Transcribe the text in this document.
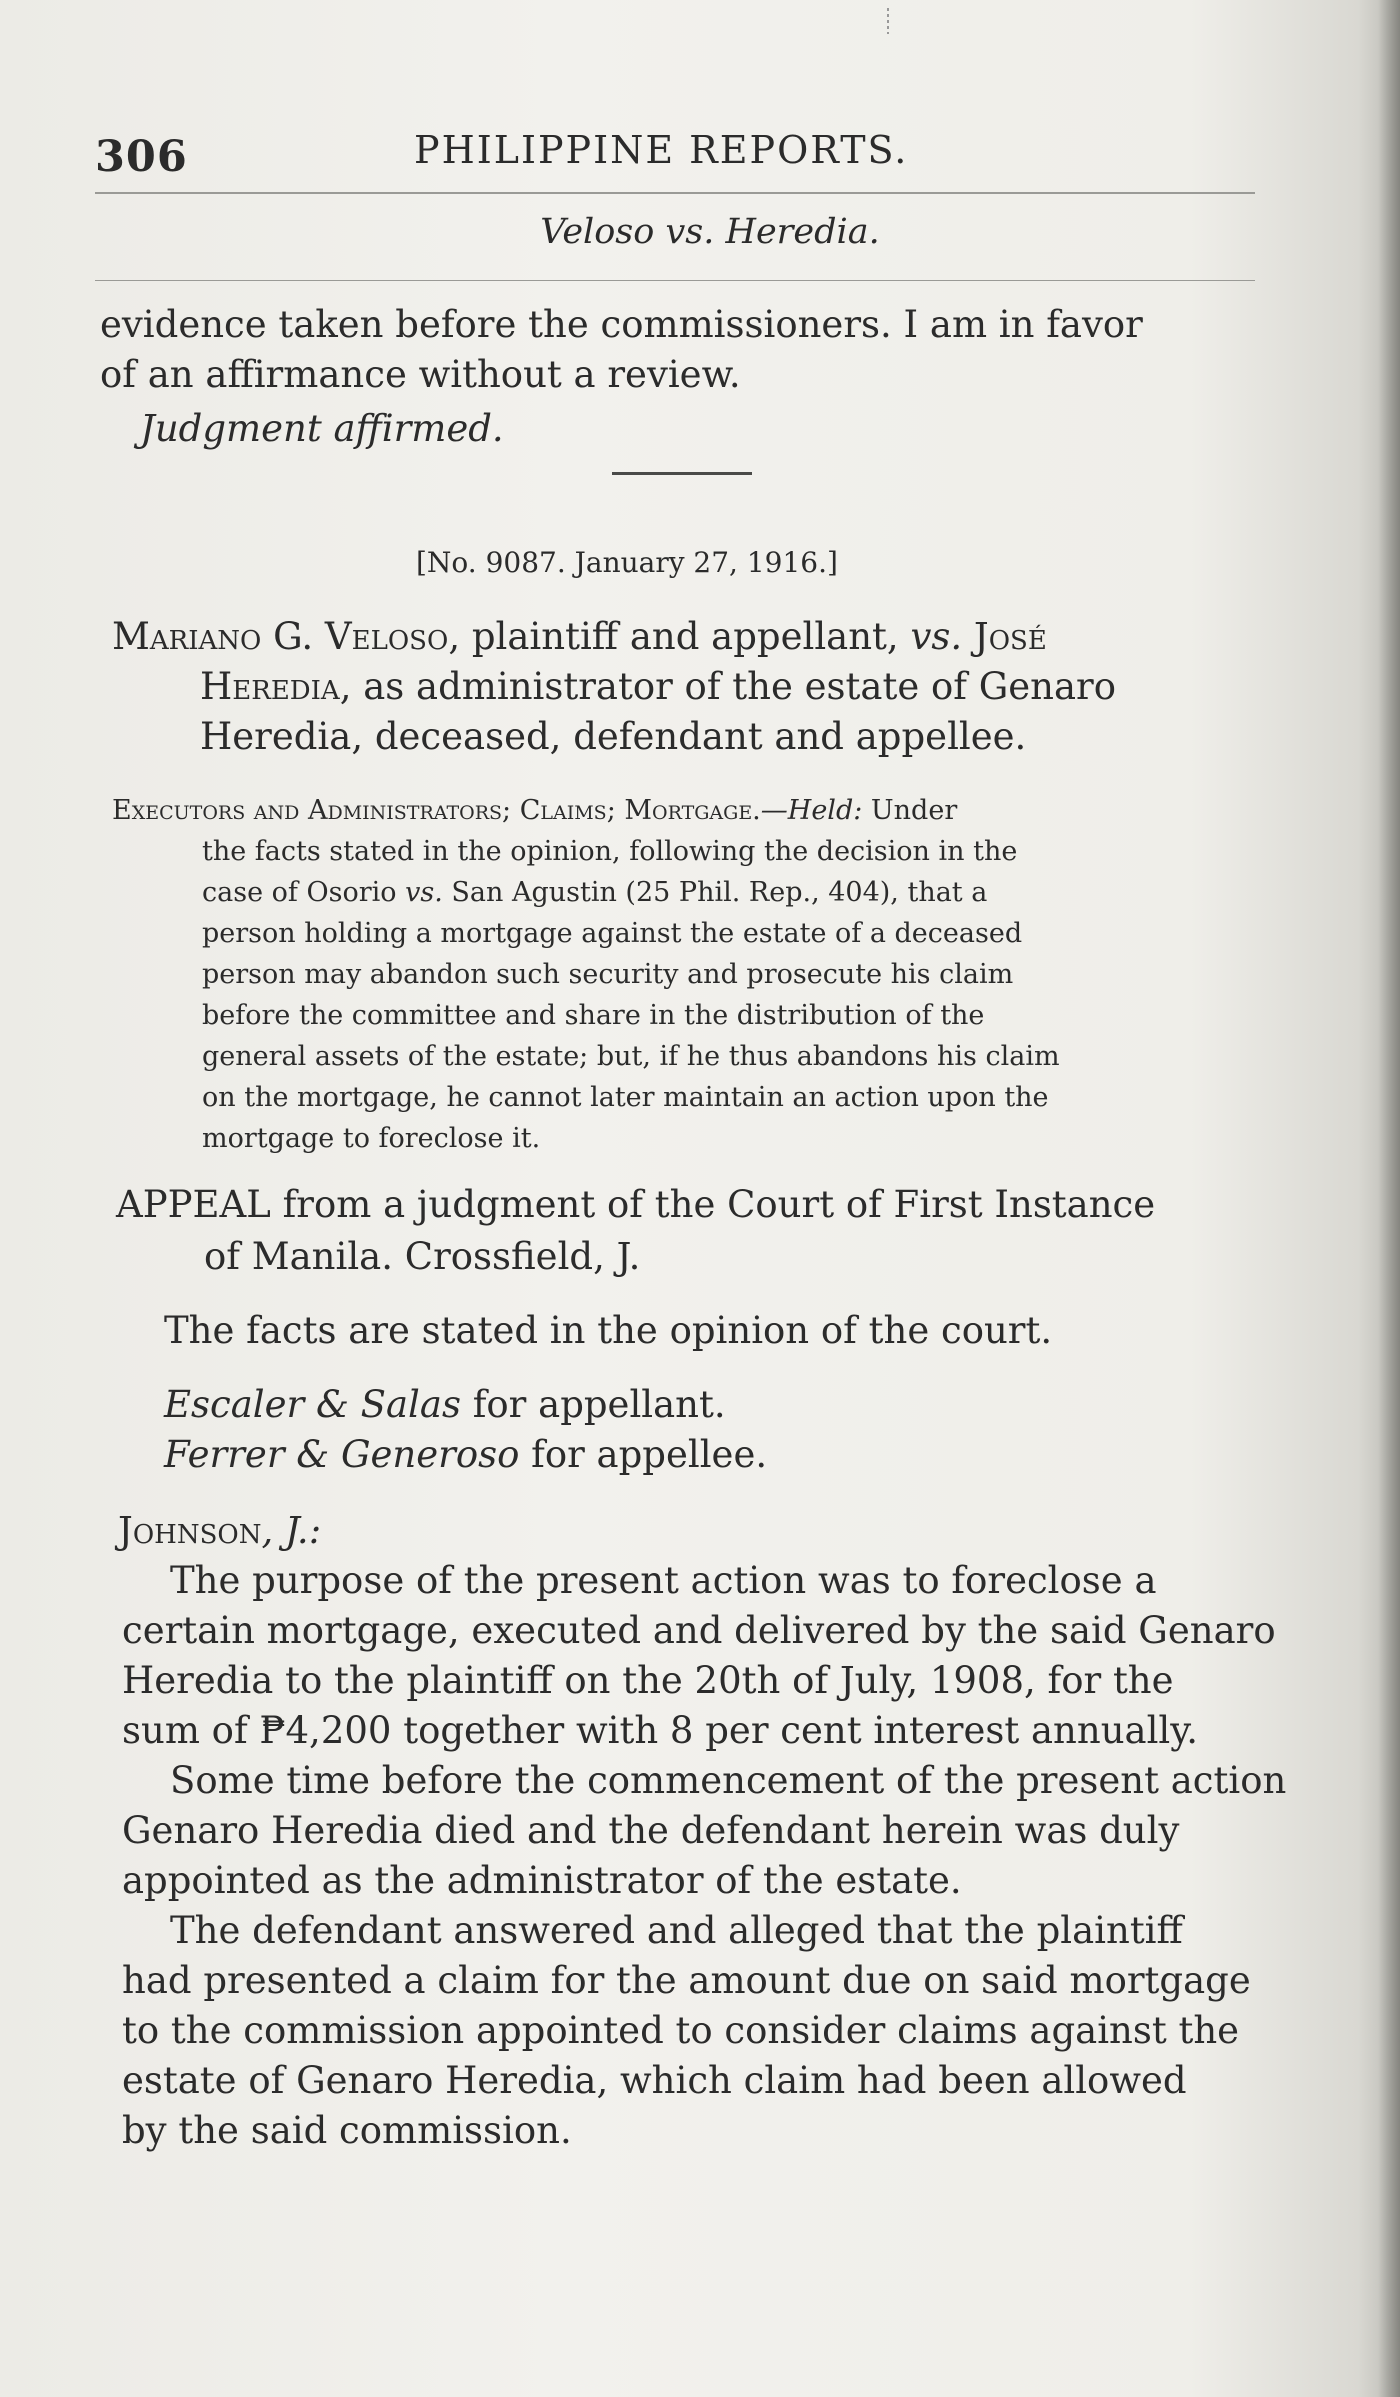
306	PHILIPPINE REPORTS.
Veloso vs. Heredia.
evidence taken before the commissioners. I am in favor
of an affirmance without a review.
Judgment affirmed.
[No. 9087. January 27, 1916.]
Mariano G. Veloso, plaintiff and appellant, vs. José
Heredia, as administrator of the estate of Genaro
Heredia, deceased, defendant and appellee.
Executors and Administrators; Claims; Mortgage.—Held: Under
the facts stated in the opinion, following the decision in the
case of Osorio vs. San Agustin (25 Phil. Rep., 404), that a
person holding a mortgage against the estate of a deceased
person may abandon such security and prosecute his claim
before the committee and share in the distribution of the
general assets of the estate; but, if he thus abandons his claim
on the mortgage, he cannot later maintain an action upon the
mortgage to foreclose it.
APPEAL from a judgment of the Court of First Instance
of Manila. Crossfield, J.
The facts are stated in the opinion of the court.
Escaler & Salas for appellant.
Ferrer & Generoso for appellee.
Johnson, J.:
The purpose of the present action was to foreclose a
certain mortgage, executed and delivered by the said Genaro
Heredia to the plaintiff on the 20th of July, 1908, for the
sum of ₱4,200 together with 8 per cent interest annually.
Some time before the commencement of the present action
Genaro Heredia died and the defendant herein was duly
appointed as the administrator of the estate.
The defendant answered and alleged that the plaintiff
had presented a claim for the amount due on said mortgage
to the commission appointed to consider claims against the
estate of Genaro Heredia, which claim had been allowed
by the said commission.
